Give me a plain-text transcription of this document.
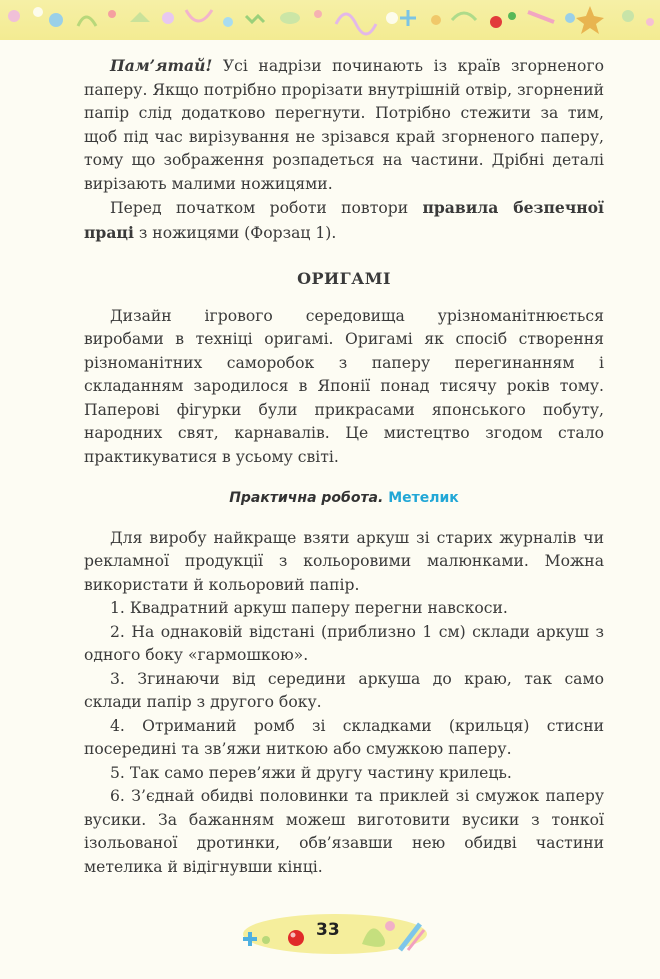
Пам’ятай! Усі надрізи починають із країв згорненого паперу. Якщо потрібно прорізати внутрішній отвір, згорнений папір слід додатково перегнути. Потрібно стежити за тим, щоб під час вирізування не зрізався край згорненого паперу, тому що зображення розпадеться на частини. Дрібні деталі вирізають малими ножицями.

Перед початком роботи повтори правила безпечної праці з ножицями (Форзац 1).

ОРИГАМІ

Дизайн ігрового середовища урізноманітнюється виробами в техніці оригамі. Оригамі як спосіб створення різноманітних саморобок з паперу перегинанням і складанням зародилося в Японії понад тисячу років тому. Паперові фігурки були прикрасами японського побуту, народних свят, карнавалів. Це мистецтво згодом стало практикуватися в усьому світі.

Практична робота. Метелик

Для виробу найкраще взяти аркуш зі старих журналів чи рекламної продукції з кольоровими малюнками. Можна використати й кольоровий папір.

1. Квадратний аркуш паперу перегни навскоси.

2. На однаковій відстані (приблизно 1 см) склади аркуш з одного боку «гармошкою».

3. Згинаючи від середини аркуша до краю, так само склади папір з другого боку.

4. Отриманий ромб зі складками (крильця) стисни посередині та зв’яжи ниткою або смужкою паперу.

5. Так само перев’яжи й другу частину крилець.

6. З’єднай обидві половинки та приклей зі смужок паперу вусики. За бажанням можеш виготовити вусики з тонкої ізольованої дротинки, обв’язавши нею обидві частини метелика й відігнувши кінці.

33
